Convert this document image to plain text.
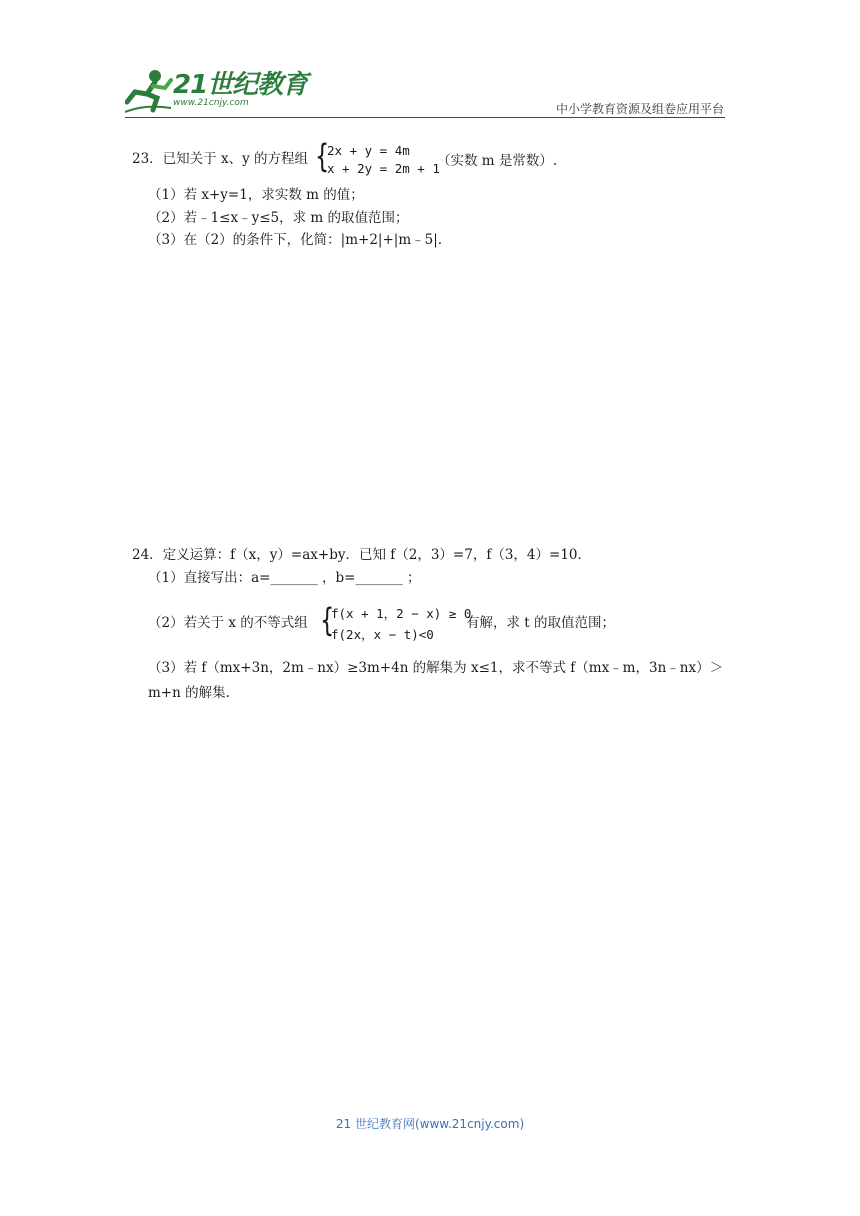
21世纪教育
www.21cnjy.com	中小学教育资源及组卷应用平台
23．已知关于 x、y 的方程组 {
2x + y = 4m
x + 2y = 2m + 1
（实数 m 是常数）.
（1）若 x+y=1，求实数 m 的值；
（2）若﹣1≤x﹣y≤5，求 m 的取值范围；
（3）在（2）的条件下，化简：|m+2|+|m﹣5|.
24．定义运算：f（x，y）=ax+by．已知 f（2，3）=7，f（3，4）=10．
（1）直接写出：a=_______ ，b=_______ ；
（2）若关于 x 的不等式组 {
f(x + 1，2 − x) ≥ 0
f(2x，x − t)<0
有解，求 t 的取值范围；
（3）若 f（mx+3n，2m﹣nx）≥3m+4n 的解集为 x≤1，求不等式 f（mx﹣m，3n﹣nx）＞
m+n 的解集.
21 世纪教育网(www.21cnjy.com)
